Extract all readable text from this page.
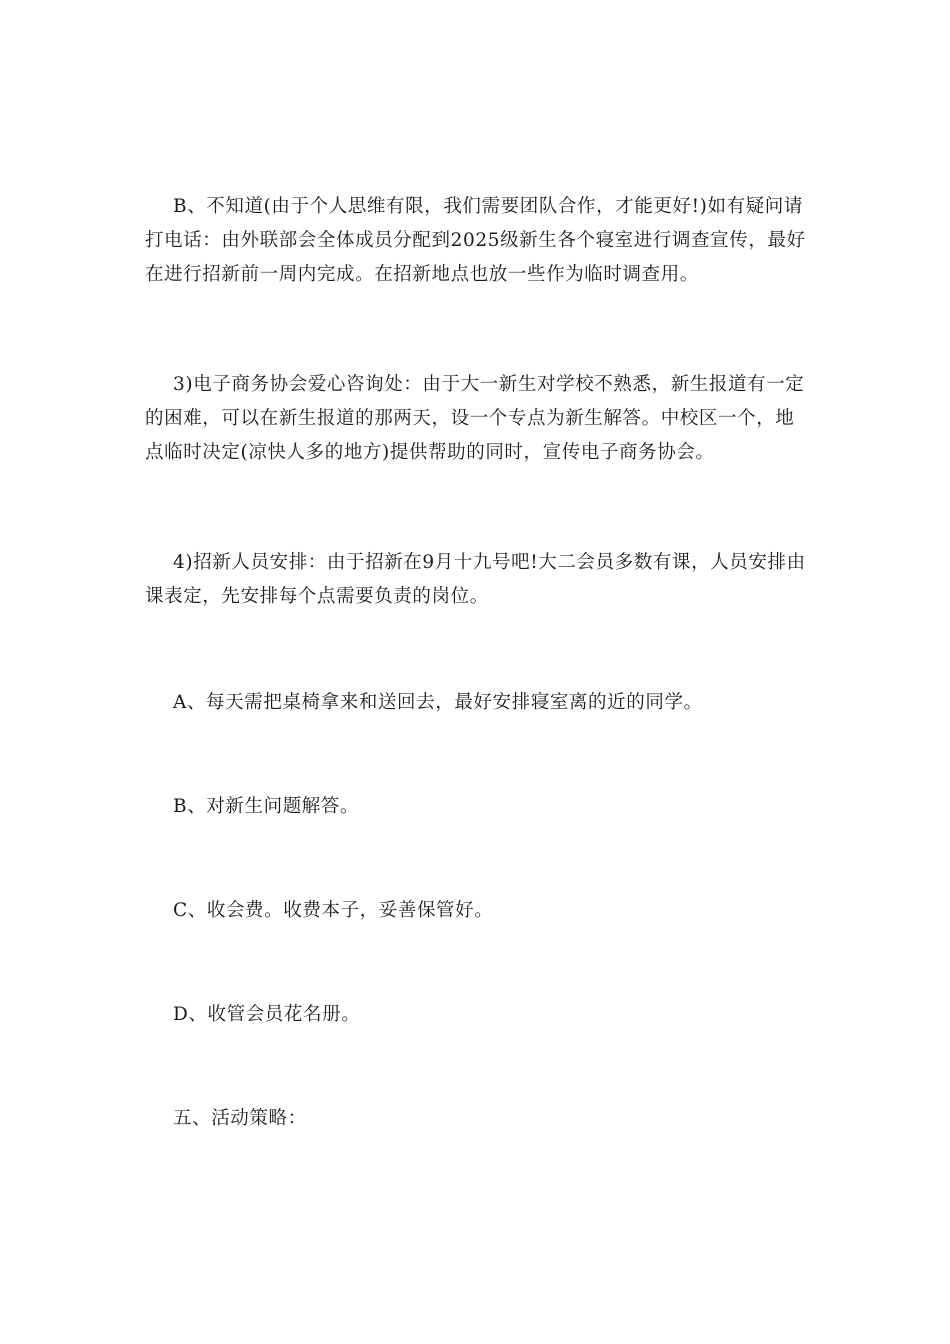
B、不知道(由于个人思维有限，我们需要团队合作，才能更好!)如有疑问请打电话：由外联部会全体成员分配到2025级新生各个寝室进行调查宣传，最好在进行招新前一周内完成。在招新地点也放一些作为临时调查用。

3)电子商务协会爱心咨询处：由于大一新生对学校不熟悉，新生报道有一定的困难，可以在新生报道的那两天，设一个专点为新生解答。中校区一个，地点临时决定(凉快人多的地方)提供帮助的同时，宣传电子商务协会。

4)招新人员安排：由于招新在9月十九号吧!大二会员多数有课，人员安排由课表定，先安排每个点需要负责的岗位。

A、每天需把桌椅拿来和送回去，最好安排寝室离的近的同学。

B、对新生问题解答。

C、收会费。收费本子，妥善保管好。

D、收管会员花名册。

五、活动策略：
